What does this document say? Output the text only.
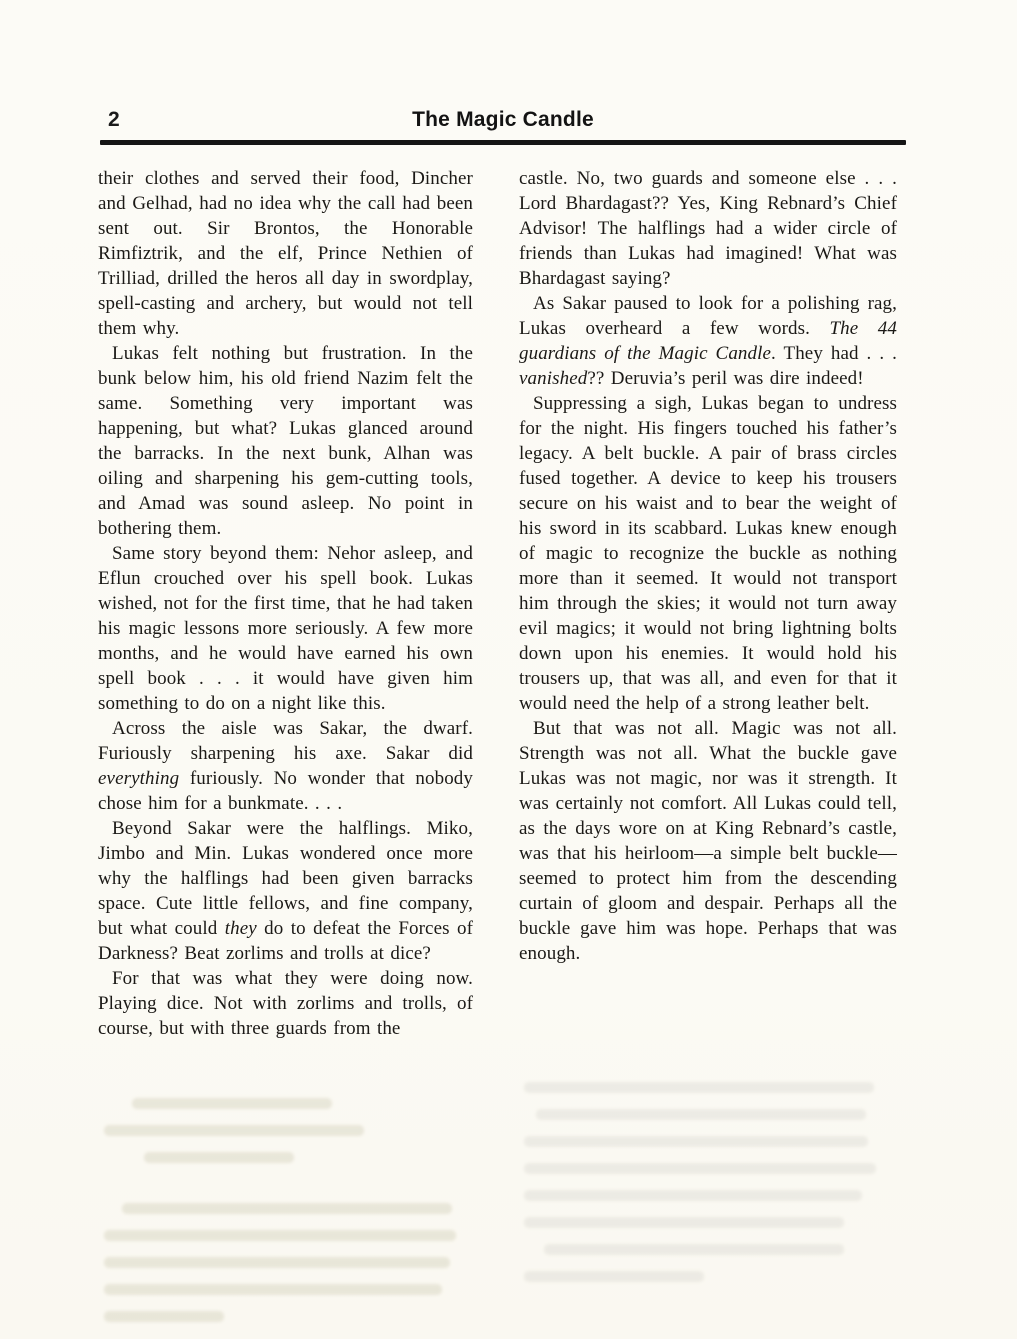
2	The Magic Candle

their clothes and served their food, Dincher and Gelhad, had no idea why the call had been sent out. Sir Brontos, the Honorable Rimfiztrik, and the elf, Prince Nethien of Trilliad, drilled the heros all day in swordplay, spell-casting and archery, but would not tell them why.

Lukas felt nothing but frustration. In the bunk below him, his old friend Nazim felt the same. Something very important was happening, but what? Lukas glanced around the barracks. In the next bunk, Alhan was oiling and sharpening his gem-cutting tools, and Amad was sound asleep. No point in bothering them.

Same story beyond them: Nehor asleep, and Eflun crouched over his spell book. Lukas wished, not for the first time, that he had taken his magic lessons more seriously. A few more months, and he would have earned his own spell book . . . it would have given him something to do on a night like this.

Across the aisle was Sakar, the dwarf. Furiously sharpening his axe. Sakar did everything furiously. No wonder that nobody chose him for a bunkmate. . . .

Beyond Sakar were the halflings. Miko, Jimbo and Min. Lukas wondered once more why the halflings had been given barracks space. Cute little fellows, and fine company, but what could they do to defeat the Forces of Darkness? Beat zorlims and trolls at dice?

For that was what they were doing now. Playing dice. Not with zorlims and trolls, of course, but with three guards from the

castle. No, two guards and someone else . . . Lord Bhardagast?? Yes, King Rebnard’s Chief Advisor! The halflings had a wider circle of friends than Lukas had imagined! What was Bhardagast saying?

As Sakar paused to look for a polishing rag, Lukas overheard a few words. The 44 guardians of the Magic Candle. They had . . . vanished?? Deruvia’s peril was dire indeed!

Suppressing a sigh, Lukas began to undress for the night. His fingers touched his father’s legacy. A belt buckle. A pair of brass circles fused together. A device to keep his trousers secure on his waist and to bear the weight of his sword in its scabbard. Lukas knew enough of magic to recognize the buckle as nothing more than it seemed. It would not transport him through the skies; it would not turn away evil magics; it would not bring lightning bolts down upon his enemies. It would hold his trousers up, that was all, and even for that it would need the help of a strong leather belt.

But that was not all. Magic was not all. Strength was not all. What the buckle gave Lukas was not magic, nor was it strength. It was certainly not comfort. All Lukas could tell, as the days wore on at King Rebnard’s castle, was that his heirloom—a simple belt buckle—seemed to protect him from the descending curtain of gloom and despair. Perhaps all the buckle gave him was hope. Perhaps that was enough.
